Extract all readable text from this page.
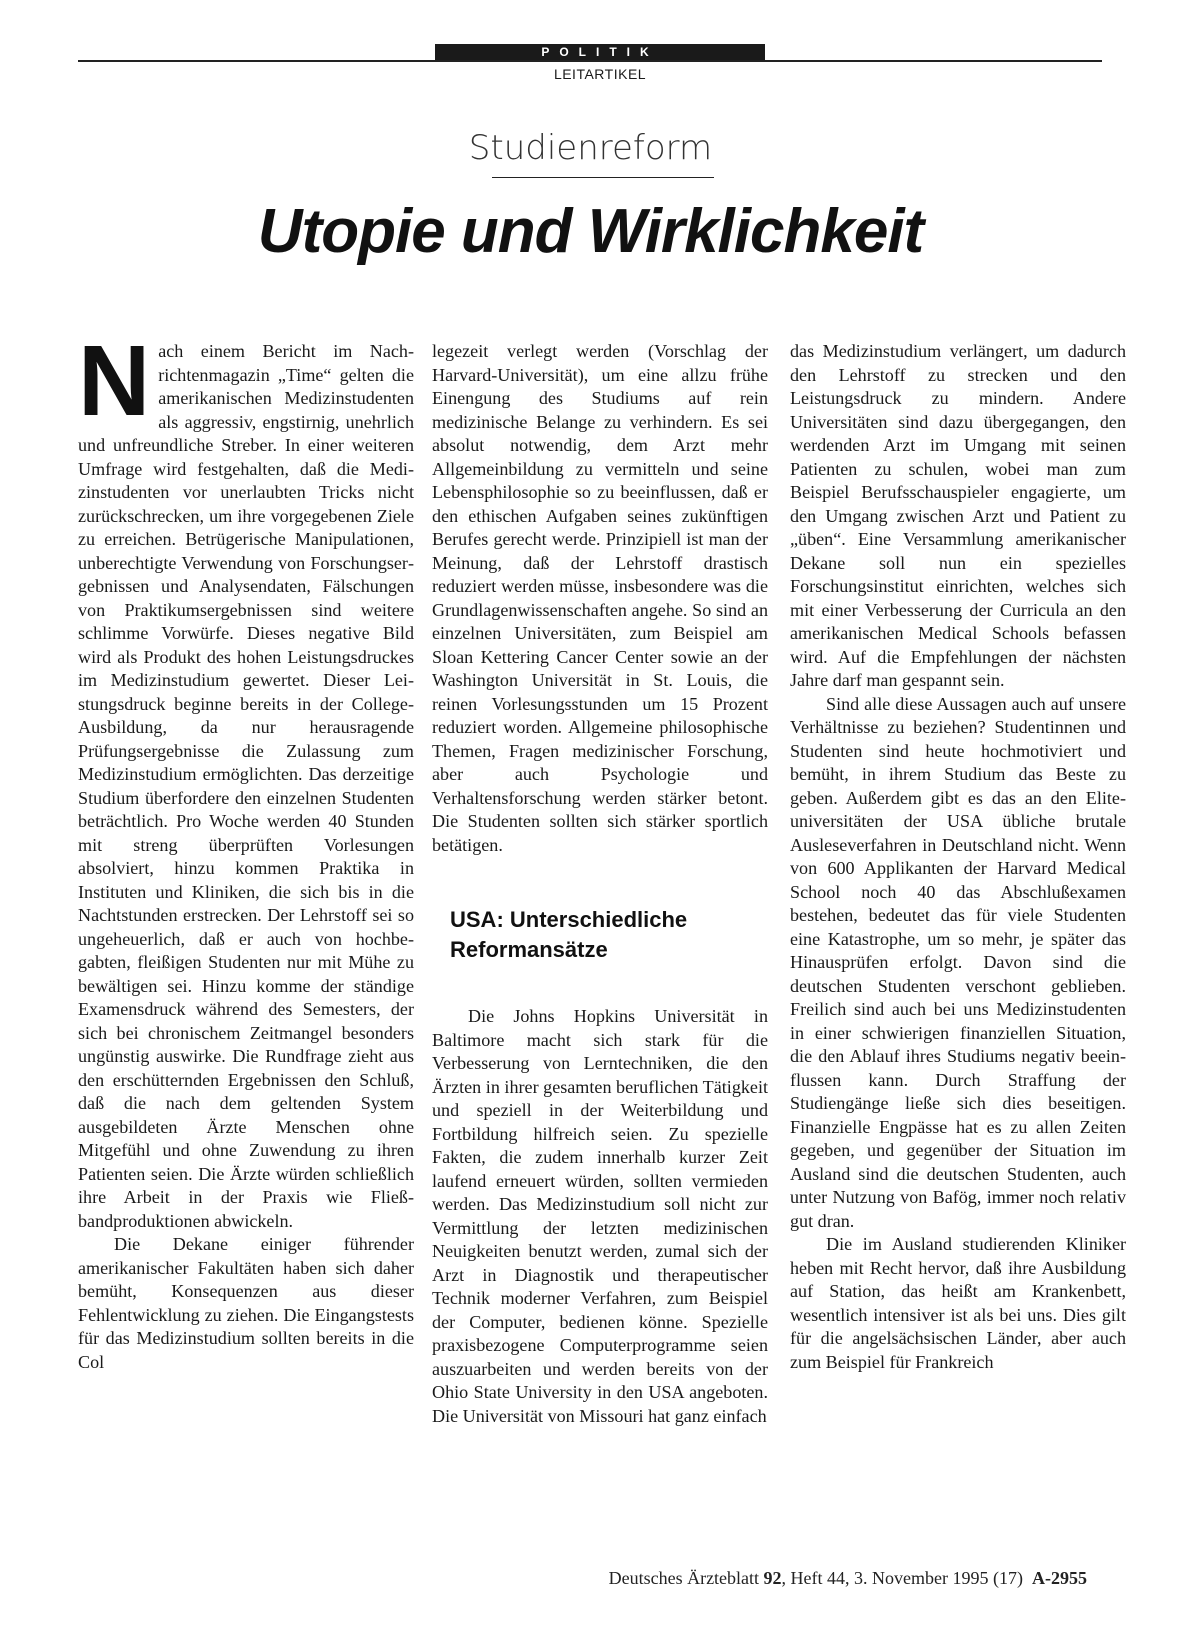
POLITIK
LEITARTIKEL
Studienreform
Utopie und Wirklichkeit

Nach einem Bericht im Nachrichtenmagazin „Time“ gelten die amerikanischen Medizinstudenten als aggressiv, engstirnig, unehrlich und unfreundliche Streber. In einer weiteren Umfrage wird festgehalten, daß die Medizinstudenten vor unerlaubten Tricks nicht zurückschrecken, um ihre vorgegebenen Ziele zu erreichen. Betrügerische Manipulationen, unberechtigte Verwendung von Forschungsergebnissen und Analysendaten, Fälschungen von Praktikumsergebnissen sind weitere schlimme Vorwürfe. Dieses negative Bild wird als Produkt des hohen Leistungsdruckes im Medizinstudium gewertet. Dieser Leistungsdruck beginne bereits in der College-Ausbildung, da nur herausragende Prüfungsergebnisse die Zulassung zum Medizinstudium ermöglichten. Das derzeitige Studium überfordere den einzelnen Studenten beträchtlich. Pro Woche werden 40 Stunden mit streng überprüften Vorlesungen absolviert, hinzu kommen Praktika in Instituten und Kliniken, die sich bis in die Nachtstunden erstrecken. Der Lehrstoff sei so ungeheuerlich, daß er auch von hochbegabten, fleißigen Studenten nur mit Mühe zu bewältigen sei. Hinzu komme der ständige Examensdruck während des Semesters, der sich bei chronischem Zeitmangel besonders ungünstig auswirke. Die Rundfrage zieht aus den erschütternden Ergebnissen den Schluß, daß die nach dem geltenden System ausgebildeten Ärzte Menschen ohne Mitgefühl und ohne Zuwendung zu ihren Patienten seien. Die Ärzte würden schließlich ihre Arbeit in der Praxis wie Fließbandproduktionen abwickeln.

Die Dekane einiger führender amerikanischer Fakultäten haben sich daher bemüht, Konsequenzen aus dieser Fehlentwicklung zu ziehen. Die Eingangstests für das Medizinstudium sollten bereits in die Col

legezeit verlegt werden (Vorschlag der Harvard-Universität), um eine allzu frühe Einengung des Studiums auf rein medizinische Belange zu verhindern. Es sei absolut notwendig, dem Arzt mehr Allgemeinbildung zu vermitteln und seine Lebensphilosophie so zu beeinflussen, daß er den ethischen Aufgaben seines zukünftigen Berufes gerecht werde. Prinzipiell ist man der Meinung, daß der Lehrstoff drastisch reduziert werden müsse, insbesondere was die Grundlagenwissenschaften angehe. So sind an einzelnen Universitäten, zum Beispiel am Sloan Kettering Cancer Center sowie an der Washington Universität in St. Louis, die reinen Vorlesungsstunden um 15 Prozent reduziert worden. Allgemeine philosophische Themen, Fragen medizinischer Forschung, aber auch Psychologie und Verhaltensforschung werden stärker betont. Die Studenten sollten sich stärker sportlich betätigen.

USA: Unterschiedliche Reformansätze

Die Johns Hopkins Universität in Baltimore macht sich stark für die Verbesserung von Lerntechniken, die den Ärzten in ihrer gesamten beruflichen Tätigkeit und speziell in der Weiterbildung und Fortbildung hilfreich seien. Zu spezielle Fakten, die zudem innerhalb kurzer Zeit laufend erneuert würden, sollten vermieden werden. Das Medizinstudium soll nicht zur Vermittlung der letzten medizinischen Neuigkeiten benutzt werden, zumal sich der Arzt in Diagnostik und therapeutischer Technik moderner Verfahren, zum Beispiel der Computer, bedienen könne. Spezielle praxisbezogene Computerprogramme seien auszuarbeiten und werden bereits von der Ohio State University in den USA angeboten. Die Universität von Missouri hat ganz einfach

das Medizinstudium verlängert, um dadurch den Lehrstoff zu strecken und den Leistungsdruck zu mindern. Andere Universitäten sind dazu übergegangen, den werdenden Arzt im Umgang mit seinen Patienten zu schulen, wobei man zum Beispiel Berufsschauspieler engagierte, um den Umgang zwischen Arzt und Patient zu „üben“. Eine Versammlung amerikanischer Dekane soll nun ein spezielles Forschungsinstitut einrichten, welches sich mit einer Verbesserung der Curricula an den amerikanischen Medical Schools befassen wird. Auf die Empfehlungen der nächsten Jahre darf man gespannt sein.

Sind alle diese Aussagen auch auf unsere Verhältnisse zu beziehen? Studentinnen und Studenten sind heute hochmotiviert und bemüht, in ihrem Studium das Beste zu geben. Außerdem gibt es das an den Eliteuniversitäten der USA übliche brutale Ausleseverfahren in Deutschland nicht. Wenn von 600 Applikanten der Harvard Medical School noch 40 das Abschlußexamen bestehen, bedeutet das für viele Studenten eine Katastrophe, um so mehr, je später das Hinausprüfen erfolgt. Davon sind die deutschen Studenten verschont geblieben. Freilich sind auch bei uns Medizinstudenten in einer schwierigen finanziellen Situation, die den Ablauf ihres Studiums negativ beeinflussen kann. Durch Straffung der Studiengänge ließe sich dies beseitigen. Finanzielle Engpässe hat es zu allen Zeiten gegeben, und gegenüber der Situation im Ausland sind die deutschen Studenten, auch unter Nutzung von Bafög, immer noch relativ gut dran.

Die im Ausland studierenden Kliniker heben mit Recht hervor, daß ihre Ausbildung auf Station, das heißt am Krankenbett, wesentlich intensiver ist als bei uns. Dies gilt für die angelsächsischen Länder, aber auch zum Beispiel für Frankreich

Deutsches Ärzteblatt 92, Heft 44, 3. November 1995 (17) A-2955
